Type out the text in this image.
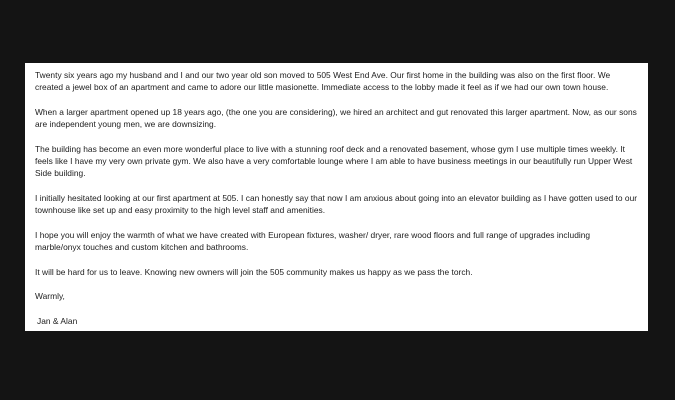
Twenty six years ago my husband and I and our two year old son moved to 505 West End Ave. Our first home in the building was also on the first floor. We created a jewel box of an apartment and came to adore our little masionette. Immediate access to the lobby made it feel as if we had our own town house.

When a larger apartment opened up 18 years ago, (the one you are considering), we hired an architect and gut renovated this larger apartment. Now, as our sons are independent young men, we are downsizing.

The building has become an even more wonderful place to live with a stunning roof deck and a renovated basement, whose gym I use multiple times weekly. It feels like I have my very own private gym. We also have a very comfortable lounge where I am able to have business meetings in our beautifully run Upper West Side building.

I initially hesitated looking at our first apartment at 505. I can honestly say that now I am anxious about going into an elevator building as I have gotten used to our townhouse like set up and easy proximity to the high level staff and amenities.

I hope you will enjoy the warmth of what we have created with European fixtures, washer/ dryer, rare wood floors and full range of upgrades including marble/onyx touches and custom kitchen and bathrooms.

It will be hard for us to leave. Knowing new owners will join the 505 community makes us happy as we pass the torch.

Warmly,

Jan & Alan
